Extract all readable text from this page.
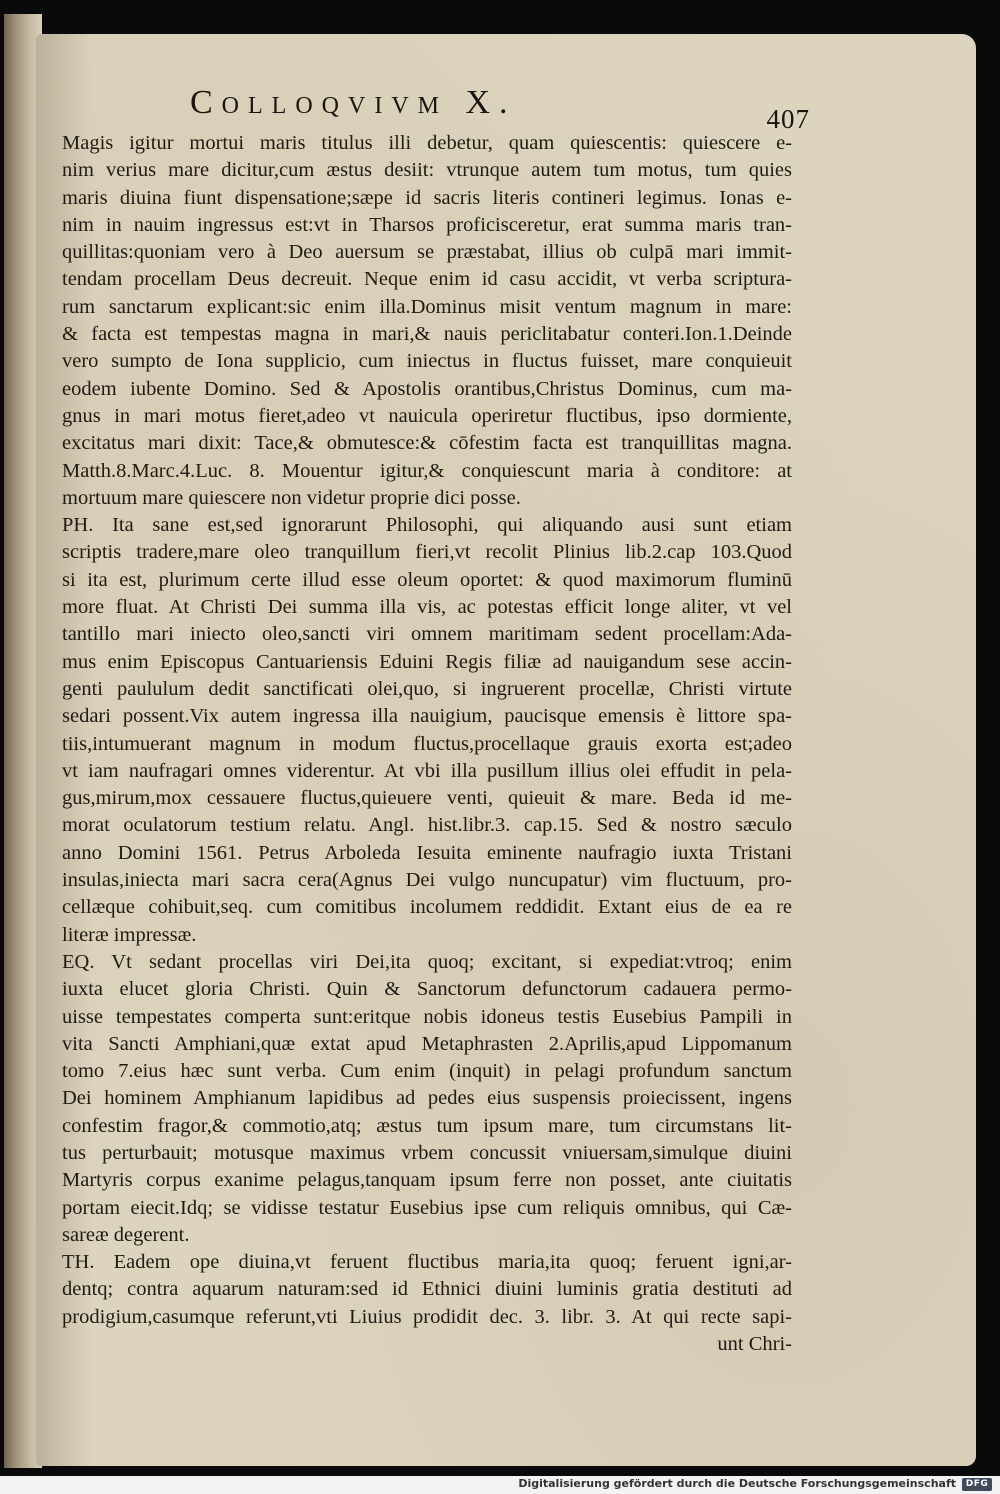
Colloqvivm X.	407
Magis igitur mortui maris titulus illi debetur, quam quiescentis: quiescere e-
nim verius mare dicitur,cum æstus desiit: vtrunque autem tum motus, tum quies
maris diuina fiunt dispensatione;sæpe id sacris literis contineri legimus. Ionas e-
nim in nauim ingressus est:vt in Tharsos proficisceretur, erat summa maris tran-
quillitas:quoniam vero à Deo auersum se præstabat, illius ob culpā mari immit-
tendam procellam Deus decreuit. Neque enim id casu accidit, vt verba scriptura-
rum sanctarum explicant:sic enim illa.Dominus misit ventum magnum in mare:
& facta est tempestas magna in mari,& nauis periclitabatur conteri.Ion.1.Deinde
vero sumpto de Iona supplicio, cum iniectus in fluctus fuisset, mare conquieuit
eodem iubente Domino. Sed & Apostolis orantibus,Christus Dominus, cum ma-
gnus in mari motus fieret,adeo vt nauicula operiretur fluctibus, ipso dormiente,
excitatus mari dixit: Tace,& obmutesce:& cōfestim facta est tranquillitas magna.
Matth.8.Marc.4.Luc. 8. Mouentur igitur,& conquiescunt maria à conditore: at
mortuum mare quiescere non videtur proprie dici posse.
PH. Ita sane est,sed ignorarunt Philosophi, qui aliquando ausi sunt etiam
scriptis tradere,mare oleo tranquillum fieri,vt recolit Plinius lib.2.cap 103.Quod
si ita est, plurimum certe illud esse oleum oportet: & quod maximorum fluminū
more fluat. At Christi Dei summa illa vis, ac potestas efficit longe aliter, vt vel
tantillo mari iniecto oleo,sancti viri omnem maritimam sedent procellam:Ada-
mus enim Episcopus Cantuariensis Eduini Regis filiæ ad nauigandum sese accin-
genti paululum dedit sanctificati olei,quo, si ingruerent procellæ, Christi virtute
sedari possent.Vix autem ingressa illa nauigium, paucisque emensis è littore spa-
tiis,intumuerant magnum in modum fluctus,procellaque grauis exorta est;adeo
vt iam naufragari omnes viderentur. At vbi illa pusillum illius olei effudit in pela-
gus,mirum,mox cessauere fluctus,quieuere venti, quieuit & mare. Beda id me-
morat oculatorum testium relatu. Angl. hist.libr.3. cap.15. Sed & nostro sæculo
anno Domini 1561. Petrus Arboleda Iesuita eminente naufragio iuxta Tristani
insulas,iniecta mari sacra cera(Agnus Dei vulgo nuncupatur) vim fluctuum, pro-
cellæque cohibuit,seq. cum comitibus incolumem reddidit. Extant eius de ea re
literæ impressæ.
EQ. Vt sedant procellas viri Dei,ita quoq; excitant, si expediat:vtroq; enim
iuxta elucet gloria Christi. Quin & Sanctorum defunctorum cadauera permo-
uisse tempestates comperta sunt:eritque nobis idoneus testis Eusebius Pampili in
vita Sancti Amphiani,quæ extat apud Metaphrasten 2.Aprilis,apud Lippomanum
tomo 7.eius hæc sunt verba. Cum enim (inquit) in pelagi profundum sanctum
Dei hominem Amphianum lapidibus ad pedes eius suspensis proiecissent, ingens
confestim fragor,& commotio,atq; æstus tum ipsum mare, tum circumstans lit-
tus perturbauit; motusque maximus vrbem concussit vniuersam,simulque diuini
Martyris corpus exanime pelagus,tanquam ipsum ferre non posset, ante ciuitatis
portam eiecit.Idq; se vidisse testatur Eusebius ipse cum reliquis omnibus, qui Cæ-
sareæ degerent.
TH. Eadem ope diuina,vt feruent fluctibus maria,ita quoq; feruent igni,ar-
dentq; contra aquarum naturam:sed id Ethnici diuini luminis gratia destituti ad
prodigium,casumque referunt,vti Liuius prodidit dec. 3. libr. 3. At qui recte sapi-
unt Chri-
Digitalisierung gefördert durch die Deutsche Forschungsgemeinschaft	DFG
